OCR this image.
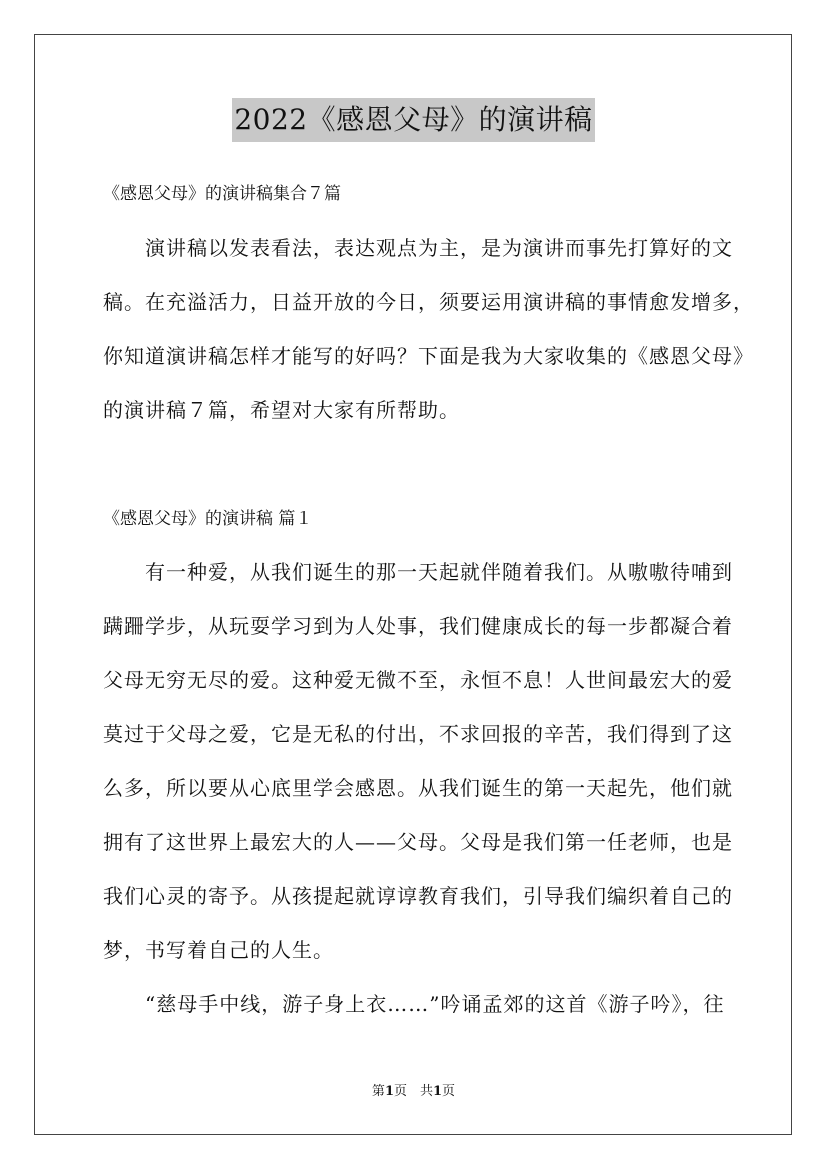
2022《感恩父母》的演讲稿
《感恩父母》的演讲稿集合７篇
　　演讲稿以发表看法，表达观点为主，是为演讲而事先打算好的文
稿。在充溢活力，日益开放的今日，须要运用演讲稿的事情愈发增多，
你知道演讲稿怎样才能写的好吗？下面是我为大家收集的《感恩父母》
的演讲稿７篇，希望对大家有所帮助。
《感恩父母》的演讲稿 篇１
　　有一种爱，从我们诞生的那一天起就伴随着我们。从嗷嗷待哺到
蹒跚学步，从玩耍学习到为人处事，我们健康成长的每一步都凝合着
父母无穷无尽的爱。这种爱无微不至，永恒不息！人世间最宏大的爱
莫过于父母之爱，它是无私的付出，不求回报的辛苦，我们得到了这
么多，所以要从心底里学会感恩。从我们诞生的第一天起先，他们就
拥有了这世界上最宏大的人——父母。父母是我们第一任老师，也是
我们心灵的寄予。从孩提起就谆谆教育我们，引导我们编织着自己的
梦，书写着自己的人生。
　　“慈母手中线，游子身上衣……”吟诵孟郊的这首《游子吟》，往
第1页　共1页
